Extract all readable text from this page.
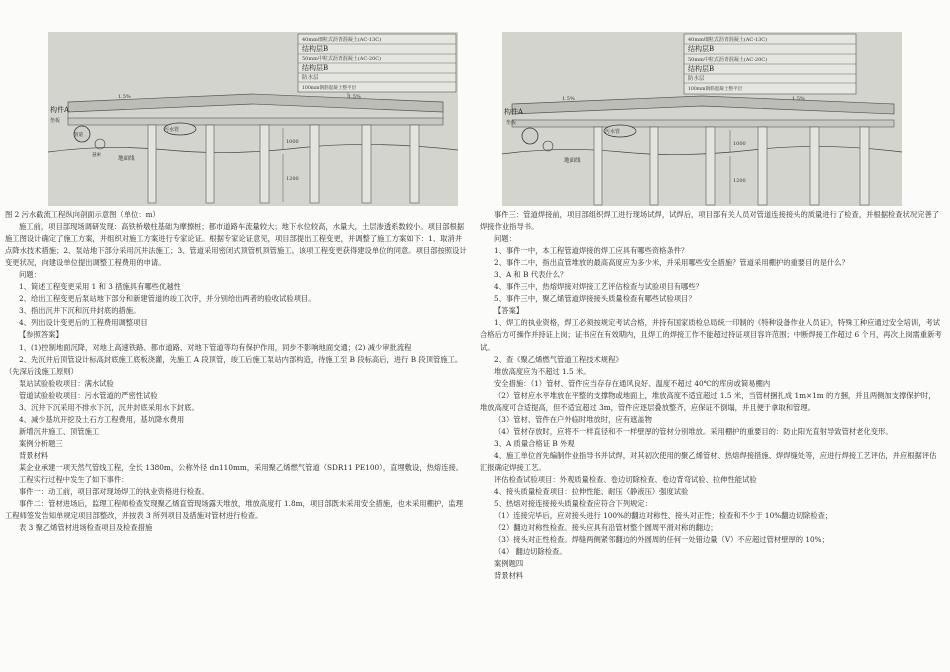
40mm细粒式沥青混凝土(AC-13C)
结构层B
50mm中粒式沥青混凝土(AC-20C)
结构层B
防水层
100mm钢筋混凝土整平层
1.5%	1.5%
构件A
垫板
管道
悬索
污水管
地面线
1000
1200

图 2 污水截流工程纵向剖面示意图（单位：m）

施工前，项目部现场调研发现：高铁桥墩柱基础为摩擦桩；都市道路车流量较大；地下水位较高，水量大，土层渗透系数较小。项目部根据施工图设计确定了施工方案，并组织对施工方案进行专家论证。根据专家论证意见，项目部提出工程变更，并调整了施工方案如下：1、取消井点降水技术措施；2、泵站地下部分采用沉井法施工；3、管道采用密闭式顶管机顶管施工。该项工程变更获得建设单位的同意。项目部按照设计变更状况，向建设单位提出调整工程费用的申请。

问题：

1、简述工程变更采用 1 和 3 措施具有哪些优越性

2、给出工程变更后泵站地下部分和新建管道的竣工次序，并分别给出两者的验收试验项目。

3、指出沉井下沉和沉井封底的措施。

4、列出设计变更后的工程费用调整项目

【参照答案】

1、(1)控制地面沉降，对地上高速铁路、都市道路、对地下管道等均有保护作用，同步不影响地面交通；(2) 减少审批流程

2、先沉井后顶管设计标高封底施工底板浇灌，先施工 A 段顶管，竣工后施工泵站内部构造，待施工至 B 段标高后，进行 B 段顶管施工。（先深后浅施工原则）

泵站试验验收项目：满水试验

管道试验验收项目：污水管道的严密性试验

3、沉井下沉采用不排水下沉，沉井封底采用水下封底。

4、减少基坑开挖及土石方工程费用，基坑降水费用

新增沉井施工、顶管施工

案例分析题三

背景材料

某企业承建一项天然气管线工程，全长 1380m，公称外径 dn110mm，采用聚乙烯燃气管道（SDR11 PE100），直埋敷设，热熔连接。

工程实行过程中发生了如下事件：

事件一：动工前，项目部对现场焊工的执业资格进行检查。

事件二：管材进场后，监理工程师检查发现聚乙烯直管现场露天堆放，堆放高度打 1.8m，项目部既未采用安全措施，也未采用棚护，监理工程师签发告知单规定项目部整改，并按表 3 所列项目及措施对管材进行检查。

表 3 聚乙烯管材进场检查项目及检查措施

40mm细粒式沥青混凝土(AC-13C)
结构层B
50mm中粒式沥青混凝土(AC-20C)
结构层B
防水层
100mm钢筋混凝土整平层
1.5%	1.5%
构件A
垫板
污水管
地面线
1000
1200

事件三：管道焊接前，项目部组织焊工进行现场试焊，试焊后，项目部有关人员对管道连接接头的质量进行了检查，并根据检查状况完善了焊接作业指导书。

问题：

1、事件一中，本工程管道焊接的焊工应具有哪些资格条件？

2、事件二中，指出直管堆放的最高高度应为多少米，并采用哪些安全措施？管道采用棚护的重要目的是什么？

3、A 和 B 代表什么？

4、事件三中，热熔焊接对焊接工艺评估检查与试验项目有哪些？

5、事件三中，聚乙烯管道焊接接头质量检查有哪些试验项目？

【答案】

1、焊工的执业资格，焊工必须按规定考试合格，并持有国家质检总局统一印制的《特种设备作业人员证》，特殊工种应通过安全培训，考试合格后方可操作并持证上岗；证书应在有效期内，且焊工的焊接工作不能超过持证项目容许范围；中断焊接工作超过 6 个月，再次上岗需重新考试。

2、查《聚乙烯燃气管道工程技术规程》

堆放高度应为不超过 1.5 米。

安全措施：（1）管材、管件应当存存在通风良好、温度不超过 40℃的库房或简易棚内

（2）管材应水平堆放在平整的支撑物或地面上，堆放高度不适宜超过 1.5 米，当管材捆扎成 1m×1m 的方捆，并且两侧加支撑保护时，堆放高度可合适提高，但不适宜超过 3m，管件应逐层叠放整齐，应保证不倒塌，并且便于拿取和管理。

（3）管材、管件在户外临时堆放时，应有遮盖物

（4）管材存放时，应将不一样直径和不一样壁厚的管材分别堆放。采用棚护的重要目的：防止阳光直射导致管材老化变形。

3、A 质量合格证 B 外观

4、施工单位首先编制作业指导书并试焊，对其初次使用的聚乙烯管材、热熔焊接措施、焊焊缝处等，应进行焊接工艺评估，并应根据评估汇报确定焊接工艺。

评估检查试验项目：外观质量检查、卷边切除检查、卷边背弯试验、拉伸性能试验

4、接头质量检查项目：拉伸性能、耐压（静液压）强度试验

5、热熔对接连接接头质量检查应符合下列规定：

（1）连接完毕后，应对接头进行 100%的翻边对称性、接头对正性；检查和不少于 10%翻边切除检查；

（2）翻边对称性检查。接头应具有沿管材整个圆周平滑对称的翻边；

（3）接头对正性检查。焊缝两侧紧邻翻边的外圆周的任何一处错边量（V）不应超过管材壁厚的 10%；

（4） 翻边切除检查。

案例题四

背景材料
